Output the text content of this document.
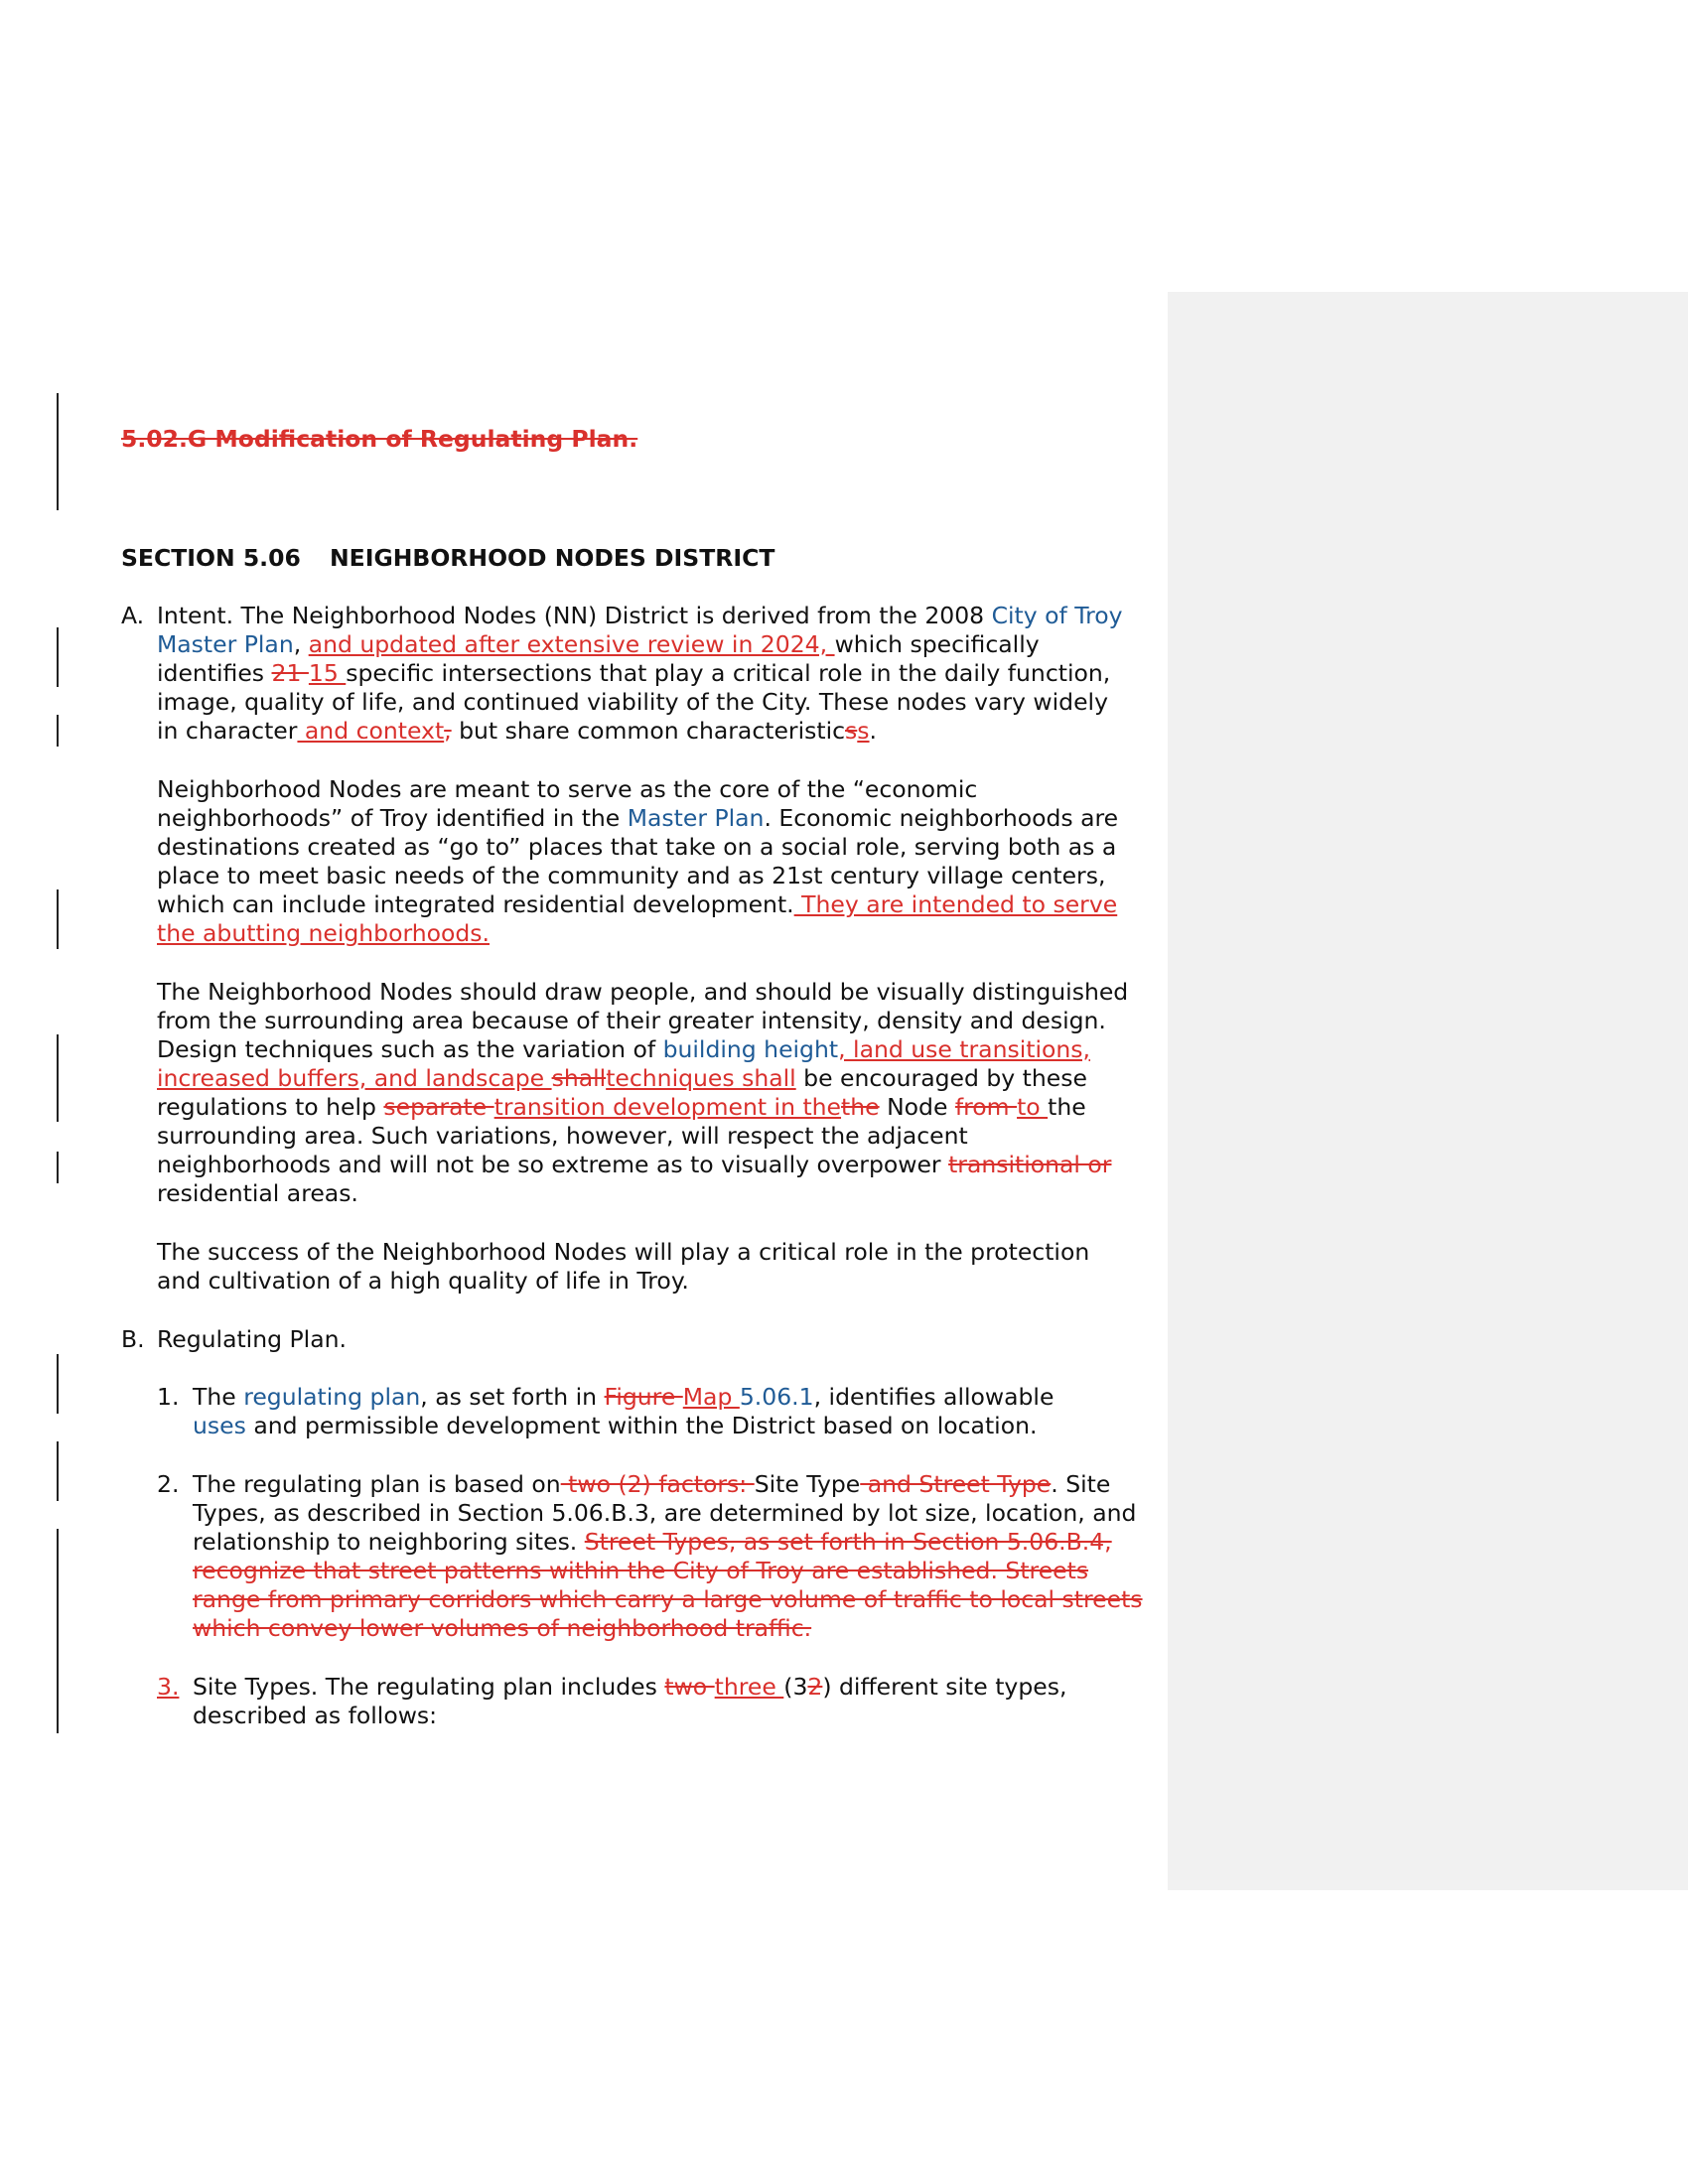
5.02.G Modification of Regulating Plan.
SECTION 5.06 NEIGHBORHOOD NODES DISTRICT
A. Intent. The Neighborhood Nodes (NN) District is derived from the 2008 City of Troy
Master Plan, and updated after extensive review in 2024, which specifically
identifies 21 15 specific intersections that play a critical role in the daily function,
image, quality of life, and continued viability of the City. These nodes vary widely
in character and context, but share common characteristicss.
Neighborhood Nodes are meant to serve as the core of the “economic
neighborhoods” of Troy identified in the Master Plan. Economic neighborhoods are
destinations created as “go to” places that take on a social role, serving both as a
place to meet basic needs of the community and as 21st century village centers,
which can include integrated residential development. They are intended to serve
the abutting neighborhoods.
The Neighborhood Nodes should draw people, and should be visually distinguished
from the surrounding area because of their greater intensity, density and design.
Design techniques such as the variation of building height, land use transitions,
increased buffers, and landscape shalltechniques shall be encouraged by these
regulations to help separate transition development in thethe Node from to the
surrounding area. Such variations, however, will respect the adjacent
neighborhoods and will not be so extreme as to visually overpower transitional or
residential areas.
The success of the Neighborhood Nodes will play a critical role in the protection
and cultivation of a high quality of life in Troy.
B. Regulating Plan.
1. The regulating plan, as set forth in Figure Map 5.06.1, identifies allowable
uses and permissible development within the District based on location.
2. The regulating plan is based on two (2) factors: Site Type and Street Type. Site
Types, as described in Section 5.06.B.3, are determined by lot size, location, and
relationship to neighboring sites. Street Types, as set forth in Section 5.06.B.4,
recognize that street patterns within the City of Troy are established. Streets
range from primary corridors which carry a large volume of traffic to local streets
which convey lower volumes of neighborhood traffic.
3. Site Types. The regulating plan includes two three (32) different site types,
described as follows:
